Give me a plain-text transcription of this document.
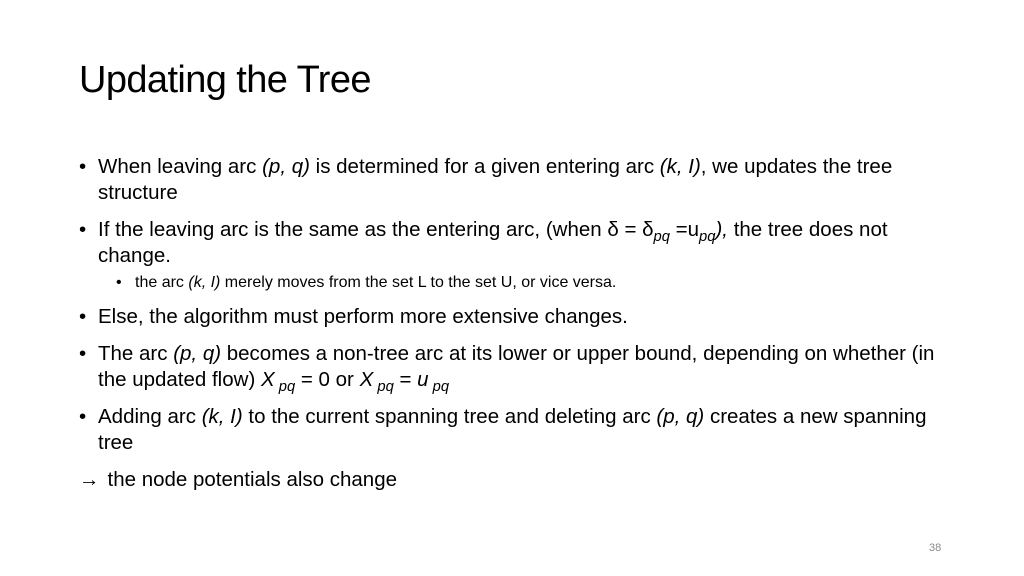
Updating the Tree
• When leaving arc (p, q) is determined for a given entering arc (k, I), we updates the tree structure
• If the leaving arc is the same as the entering arc, (when $\delta = \delta_{pq} =u_{pq}$), the tree does not change.
• the arc (k, I) merely moves from the set L to the set U, or vice versa.
• Else, the algorithm must perform more extensive changes.
• The arc (p, q) becomes a non-tree arc at its lower or upper bound, depending on whether (in the updated flow) X $_{pq}$ = 0 or X $_{pq}$ = u $_{pq}$
• Adding arc (k, I) to the current spanning tree and deleting arc (p, q) creates a new spanning tree
→ the node potentials also change
38
